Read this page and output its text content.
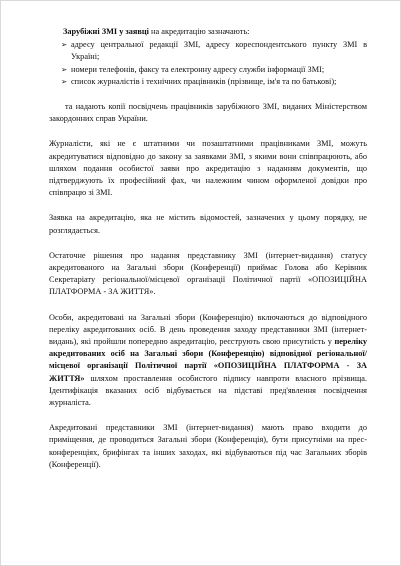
Зарубіжні ЗМІ у заявці на акредитацію зазначають:

➢ адресу центральної редакції ЗМІ, адресу кореспондентського пункту ЗМІ в Україні;
➢ номери телефонів, факсу та електронну адресу служби інформації ЗМІ;
➢ список журналістів і технічних працівників (прізвище, ім'я та по батькові);

та надають копії посвідчень працівників зарубіжного ЗМІ, виданих Міністерством закордонних справ України.

Журналісти, які не є штатними чи позаштатними працівниками ЗМІ, можуть акредитуватися відповідно до закону за заявками ЗМІ, з якими вони співпрацюють, або шляхом подання особистої заяви про акредитацію з наданням документів, що підтверджують їх професійний фах, чи належним чином оформленої довідки про співпрацю зі ЗМІ.

Заявка на акредитацію, яка не містить відомостей, зазначених у цьому порядку, не розглядається.

Остаточне рішення про надання представнику ЗМІ (інтернет-видання) статусу акредитованого на Загальні збори (Конференції) приймає Голова або Керівник Секретаріату регіональної/місцевої організації Політичної партії «ОПОЗИЦІЙНА ПЛАТФОРМА - ЗА ЖИТТЯ».

Особи, акредитовані на Загальні збори (Конференцію) включаються до відповідного переліку акредитованих осіб. В день проведення заходу представники ЗМІ (інтернет-видань), які пройшли попередню акредитацію, реєструють свою присутність у переліку акредитованих осіб на Загальні збори (Конференцію) відповідної регіональної/місцевої організації Політичної партії «ОПОЗИЦІЙНА ПЛАТФОРМА - ЗА ЖИТТЯ» шляхом проставлення особистого підпису навпроти власного прізвища. Ідентифікація вказаних осіб відбувається на підставі пред'явлення посвідчення журналіста.

Акредитовані представники ЗМІ (інтернет-видання) мають право входити до приміщення, де проводиться Загальні збори (Конференція), бути присутніми на прес-конференціях, брифінгах та інших заходах, які відбуваються під час Загальних зборів (Конференції).
